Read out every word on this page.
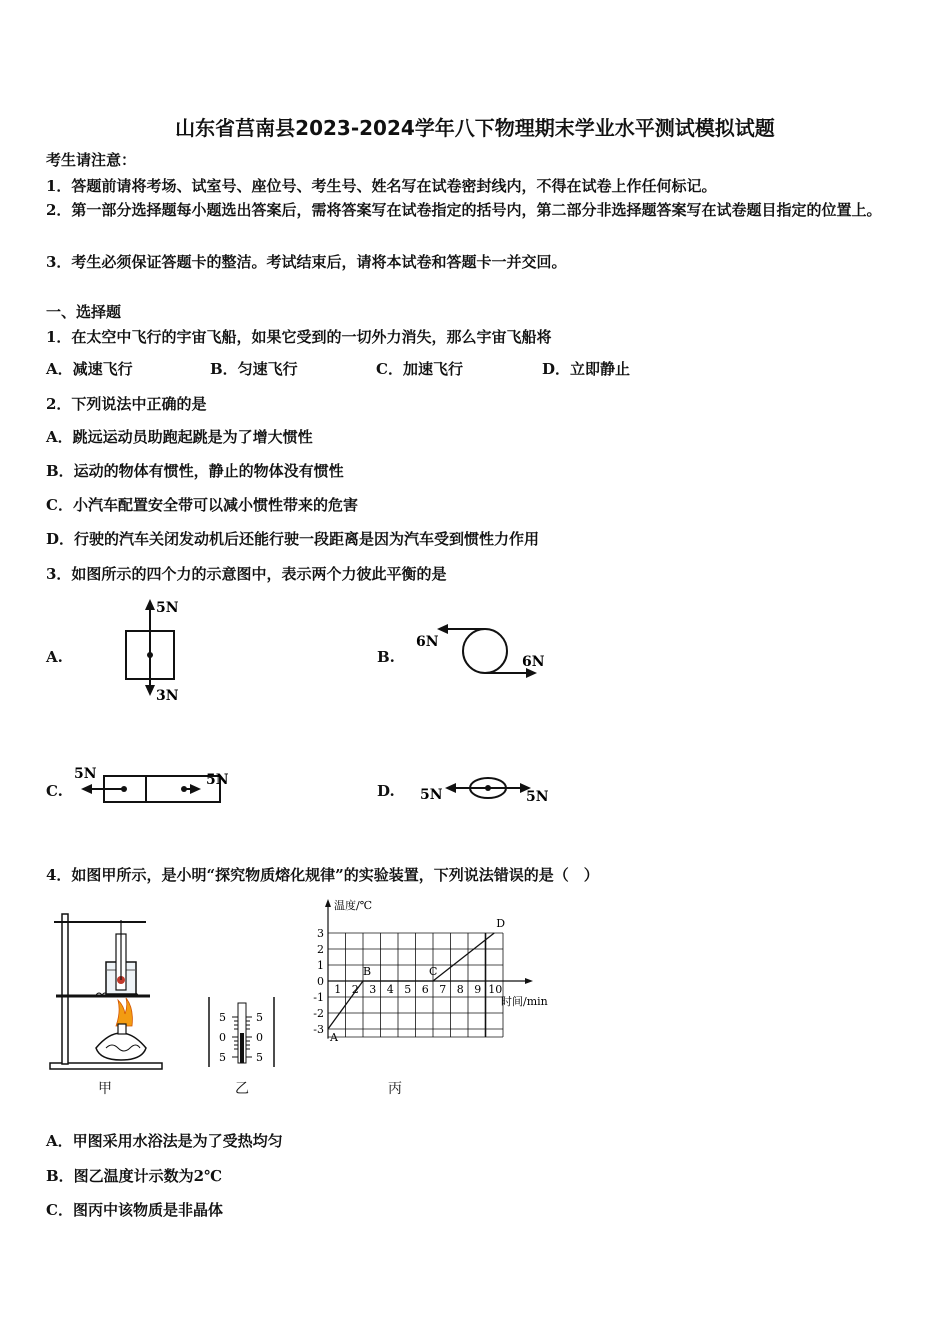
山东省莒南县2023-2024学年八下物理期末学业水平测试模拟试题
考生请注意：
1．答题前请将考场、试室号、座位号、考生号、姓名写在试卷密封线内，不得在试卷上作任何标记。
2．第一部分选择题每小题选出答案后，需将答案写在试卷指定的括号内，第二部分非选择题答案写在试卷题目指定的位置上。
3．考生必须保证答题卡的整洁。考试结束后，请将本试卷和答题卡一并交回。
一、选择题
1．在太空中飞行的宇宙飞船，如果它受到的一切外力消失，那么宇宙飞船将
A．减速飞行	B．匀速飞行	C．加速飞行	D．立即静止
2．下列说法中正确的是
A．跳远运动员助跑起跳是为了增大惯性
B．运动的物体有惯性，静止的物体没有惯性
C．小汽车配置安全带可以减小惯性带来的危害
D．行驶的汽车关闭发动机后还能行驶一段距离是因为汽车受到惯性力作用
3．如图所示的四个力的示意图中，表示两个力彼此平衡的是
A.
5N
3N
B.
6N
6N
C.
5N	5N
D. 5N	5N
4．如图甲所示，是小明“探究物质熔化规律”的实验装置，下列说法错误的是（　）
甲
5
0
5
5
0
5
乙
3
2
1
0
-1
-2
-3
1 2 3 4 5 6 7 8 9 10
A
B	C
D
温度/℃
时间/min
丙
A．甲图采用水浴法是为了受热均匀
B．图乙温度计示数为2℃
C．图丙中该物质是非晶体
